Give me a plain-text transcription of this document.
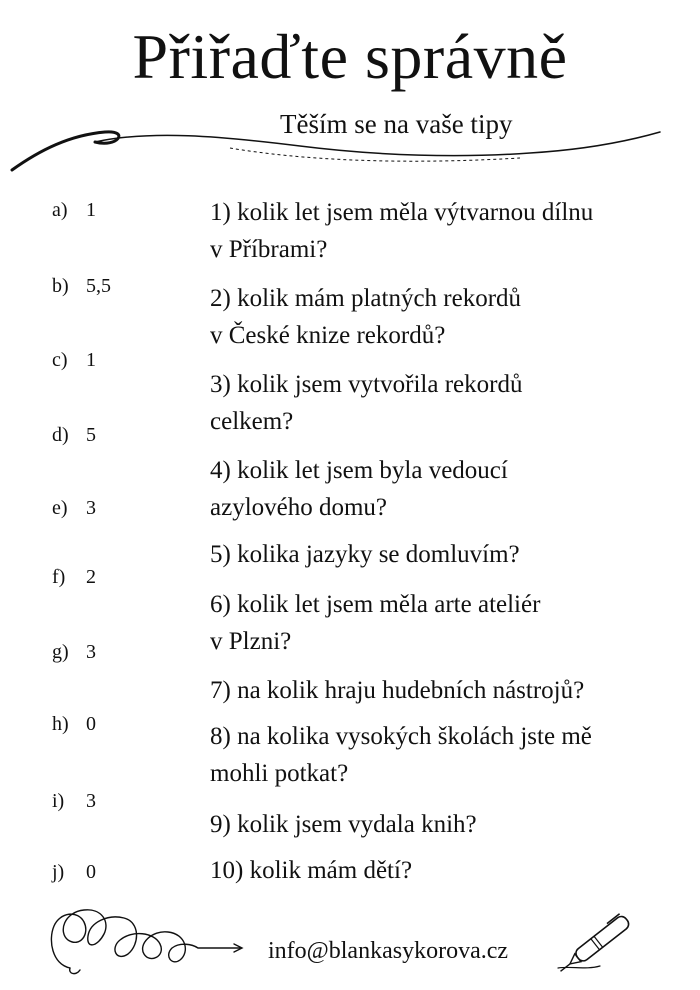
Přiřaďte správně
Těším se na vaše tipy
a) 1
b) 5,5
c) 1
d) 5
e) 3
f) 2
g) 3
h) 0
i) 3
j) 0
1) kolik let jsem měla výtvarnou dílnu
v Příbrami?
2) kolik mám platných rekordů
v České knize rekordů?
3) kolik jsem vytvořila rekordů
celkem?
4) kolik let jsem byla vedoucí
azylového domu?
5) kolika jazyky se domluvím?
6) kolik let jsem měla arte ateliér
v Plzni?
7) na kolik hraju hudebních nástrojů?
8) na kolika vysokých školách jste mě
mohli potkat?
9) kolik jsem vydala knih?
10) kolik mám dětí?
info@blankasykorova.cz
